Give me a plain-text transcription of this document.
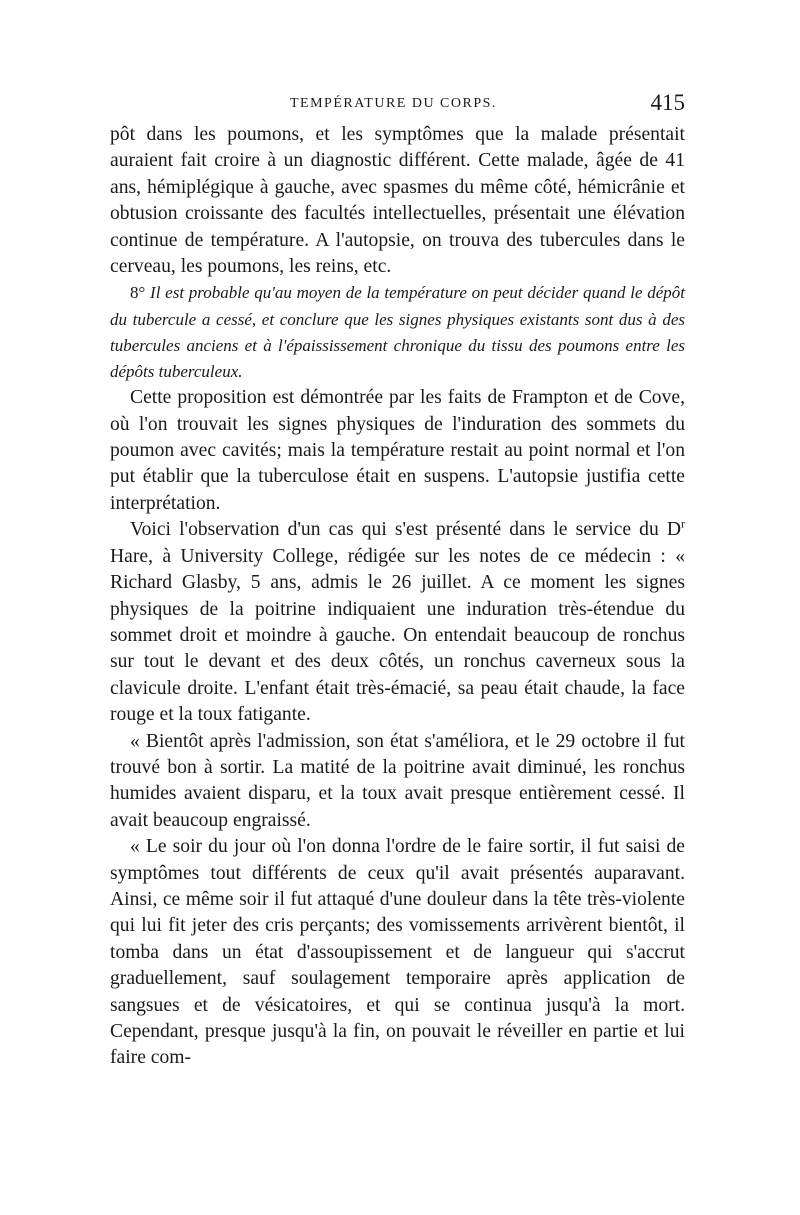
TEMPÉRATURE DU CORPS.	415

pôt dans les poumons, et les symptômes que la malade présentait auraient fait croire à un diagnostic différent. Cette malade, âgée de 41 ans, hémiplégique à gauche, avec spasmes du même côté, hémicrânie et obtusion croissante des facultés intellectuelles, présentait une élévation continue de température. A l'autopsie, on trouva des tubercules dans le cerveau, les poumons, les reins, etc.

8° Il est probable qu'au moyen de la température on peut décider quand le dépôt du tubercule a cessé, et conclure que les signes physiques existants sont dus à des tubercules anciens et à l'épaississement chronique du tissu des poumons entre les dépôts tuberculeux.

Cette proposition est démontrée par les faits de Frampton et de Cove, où l'on trouvait les signes physiques de l'induration des sommets du poumon avec cavités; mais la température restait au point normal et l'on put établir que la tuberculose était en suspens. L'autopsie justifia cette interprétation.

Voici l'observation d'un cas qui s'est présenté dans le service du $D^r$ Hare, à University College, rédigée sur les notes de ce médecin : « Richard Glasby, 5 ans, admis le 26 juillet. A ce moment les signes physiques de la poitrine indiquaient une induration très-étendue du sommet droit et moindre à gauche. On entendait beaucoup de ronchus sur tout le devant et des deux côtés, un ronchus caverneux sous la clavicule droite. L'enfant était très-émacié, sa peau était chaude, la face rouge et la toux fatigante.

« Bientôt après l'admission, son état s'améliora, et le 29 octobre il fut trouvé bon à sortir. La matité de la poitrine avait diminué, les ronchus humides avaient disparu, et la toux avait presque entièrement cessé. Il avait beaucoup engraissé.

« Le soir du jour où l'on donna l'ordre de le faire sortir, il fut saisi de symptômes tout différents de ceux qu'il avait présentés auparavant. Ainsi, ce même soir il fut attaqué d'une douleur dans la tête très-violente qui lui fit jeter des cris perçants; des vomissements arrivèrent bientôt, il tomba dans un état d'assoupissement et de langueur qui s'accrut graduellement, sauf soulagement temporaire après application de sangsues et de vésicatoires, et qui se continua jusqu'à la mort. Cependant, presque jusqu'à la fin, on pouvait le réveiller en partie et lui faire com-
